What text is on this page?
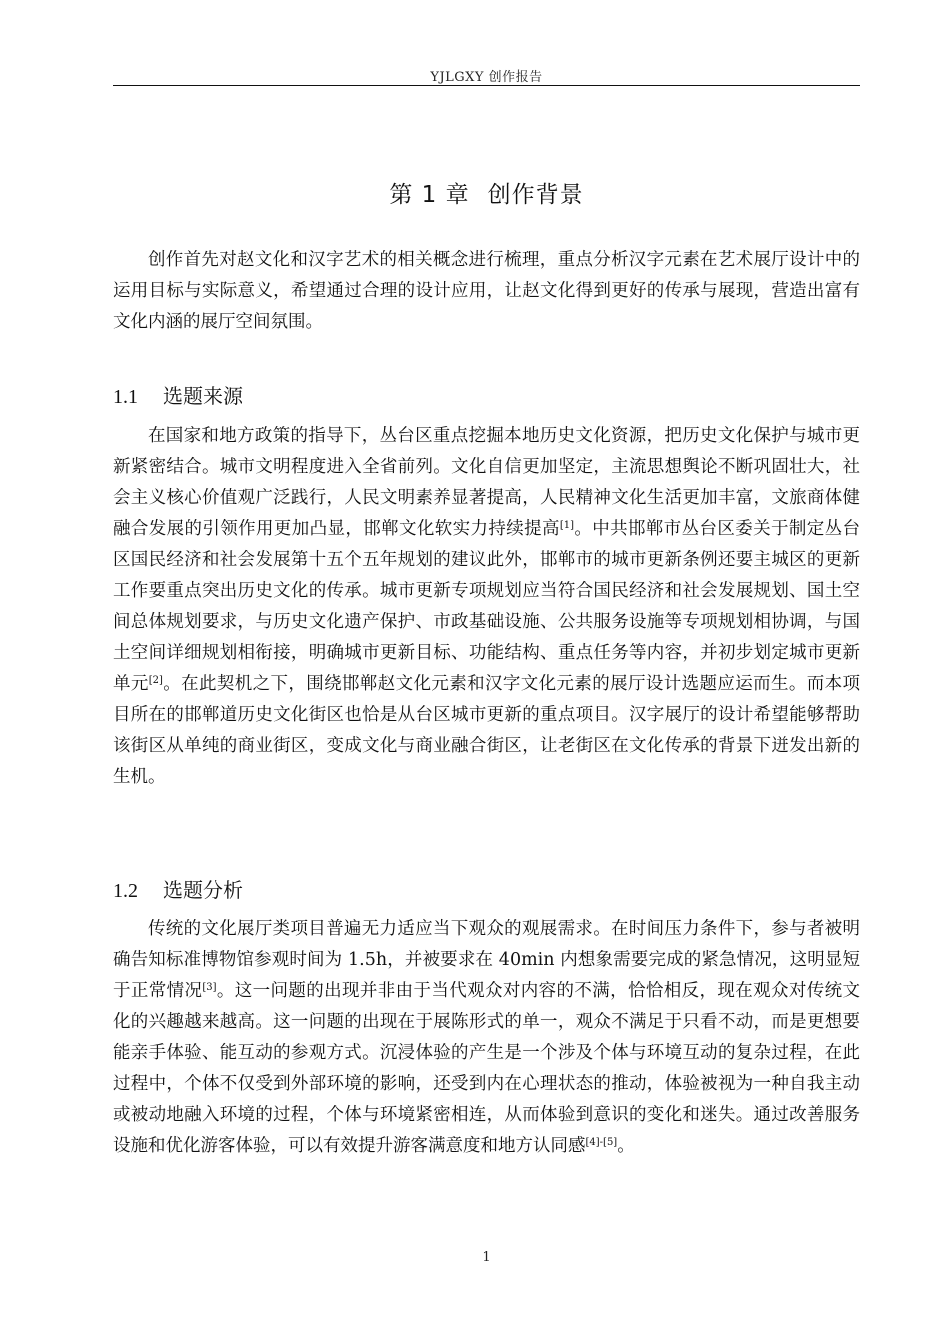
YJLGXY 创作报告
第 1 章 创作背景

创作首先对赵文化和汉字艺术的相关概念进行梳理，重点分析汉字元素在艺术展厅设计中的运用目标与实际意义，希望通过合理的设计应用，让赵文化得到更好的传承与展现，营造出富有文化内涵的展厅空间氛围。

1.1 选题来源

在国家和地方政策的指导下，丛台区重点挖掘本地历史文化资源，把历史文化保护与城市更新紧密结合。城市文明程度进入全省前列。文化自信更加坚定，主流思想舆论不断巩固壮大，社会主义核心价值观广泛践行，人民文明素养显著提高，人民精神文化生活更加丰富，文旅商体健融合发展的引领作用更加凸显，邯郸文化软实力持续提高[1]。中共邯郸市丛台区委关于制定丛台区国民经济和社会发展第十五个五年规划的建议此外，邯郸市的城市更新条例还要主城区的更新工作要重点突出历史文化的传承。城市更新专项规划应当符合国民经济和社会发展规划、国土空间总体规划要求，与历史文化遗产保护、市政基础设施、公共服务设施等专项规划相协调，与国土空间详细规划相衔接，明确城市更新目标、功能结构、重点任务等内容，并初步划定城市更新单元[2]。在此契机之下，围绕邯郸赵文化元素和汉字文化元素的展厅设计选题应运而生。而本项目所在的邯郸道历史文化街区也恰是从台区城市更新的重点项目。汉字展厅的设计希望能够帮助该街区从单纯的商业街区，变成文化与商业融合街区，让老街区在文化传承的背景下迸发出新的生机。

1.2 选题分析

传统的文化展厅类项目普遍无力适应当下观众的观展需求。在时间压力条件下，参与者被明确告知标准博物馆参观时间为 1.5h，并被要求在 40min 内想象需要完成的紧急情况，这明显短于正常情况[3]。这一问题的出现并非由于当代观众对内容的不满，恰恰相反，现在观众对传统文化的兴趣越来越高。这一问题的出现在于展陈形式的单一，观众不满足于只看不动，而是更想要能亲手体验、能互动的参观方式。沉浸体验的产生是一个涉及个体与环境互动的复杂过程，在此过程中，个体不仅受到外部环境的影响，还受到内在心理状态的推动，体验被视为一种自我主动或被动地融入环境的过程，个体与环境紧密相连，从而体验到意识的变化和迷失。通过改善服务设施和优化游客体验，可以有效提升游客满意度和地方认同感[4]-[5]。

1
